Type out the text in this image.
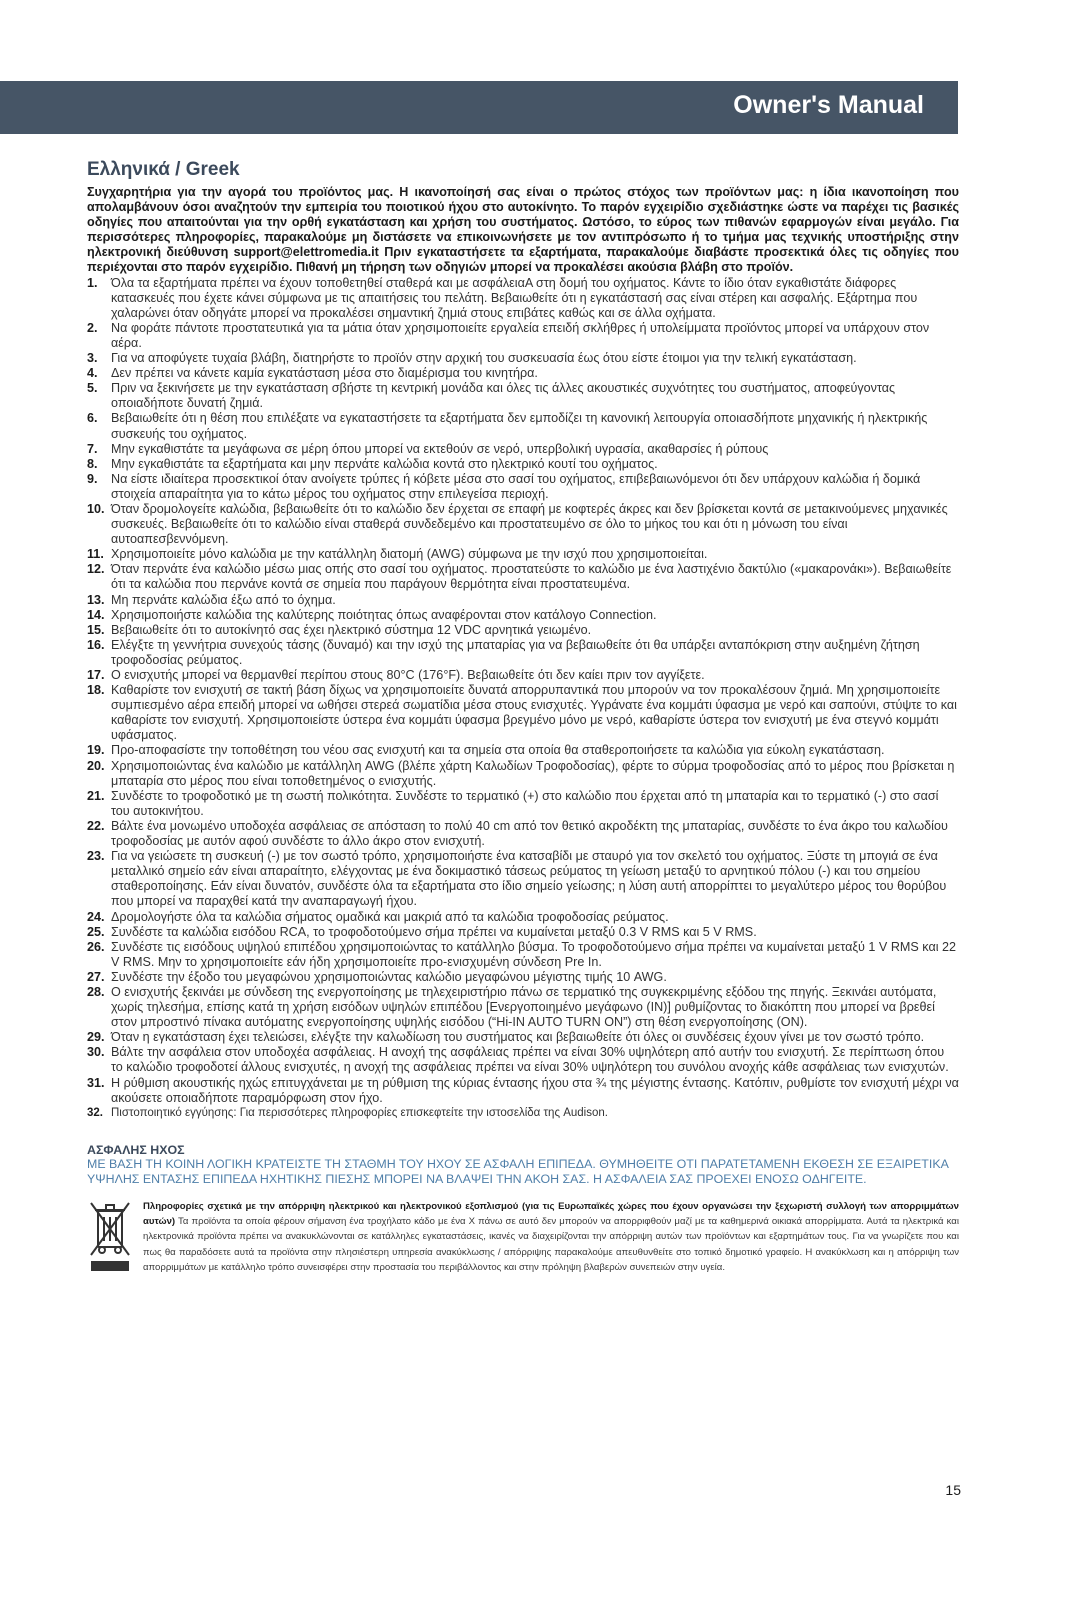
Owner's Manual
Ελληνικά / Greek

Συγχαρητήρια για την αγορά του προϊόντος μας. Η ικανοποίησή σας είναι ο πρώτος στόχος των προϊόντων μας: η ίδια ικανοποίηση που απολαμβάνουν όσοι αναζητούν την εμπειρία του ποιοτικού ήχου στο αυτοκίνητο. Το παρόν εγχειρίδιο σχεδιάστηκε ώστε να παρέχει τις βασικές οδηγίες που απαιτούνται για την ορθή εγκατάσταση και χρήση του συστήματος. Ωστόσο, το εύρος των πιθανών εφαρμογών είναι μεγάλο. Για περισσότερες πληροφορίες, παρακαλούμε μη διστάσετε να επικοινωνήσετε με τον αντιπρόσωπο ή το τμήμα μας τεχνικής υποστήριξης στην ηλεκτρονική διεύθυνση support@elettromedia.it Πριν εγκαταστήσετε τα εξαρτήματα, παρακαλούμε διαβάστε προσεκτικά όλες τις οδηγίες που περιέχονται στο παρόν εγχειρίδιο. Πιθανή μη τήρηση των οδηγιών μπορεί να προκαλέσει ακούσια βλάβη στο προϊόν.

1.	Όλα τα εξαρτήματα πρέπει να έχουν τοποθετηθεί σταθερά και με ασφάλειαΑ στη δομή του οχήματος. Κάντε το ίδιο όταν εγκαθιστάτε διάφορες κατασκευές που έχετε κάνει σύμφωνα με τις απαιτήσεις του πελάτη. Βεβαιωθείτε ότι η εγκατάστασή σας είναι στέρεη και ασφαλής. Εξάρτημα που χαλαρώνει όταν οδηγάτε μπορεί να προκαλέσει σημαντική ζημιά στους επιβάτες καθώς και σε άλλα οχήματα.
2.	Να φοράτε πάντοτε προστατευτικά για τα μάτια όταν χρησιμοποιείτε εργαλεία επειδή σκλήθρες ή υπολείμματα προϊόντος μπορεί να υπάρχουν στον αέρα.
3.	Για να αποφύγετε τυχαία βλάβη, διατηρήστε το προϊόν στην αρχική του συσκευασία έως ότου είστε έτοιμοι για την τελική εγκατάσταση.
4.	Δεν πρέπει να κάνετε καμία εγκατάσταση μέσα στο διαμέρισμα του κινητήρα.
5.	Πριν να ξεκινήσετε με την εγκατάσταση σβήστε τη κεντρική μονάδα και όλες τις άλλες ακουστικές συχνότητες του συστήματος, αποφεύγοντας οποιαδήποτε δυνατή ζημιά.
6.	Βεβαιωθείτε ότι η θέση που επιλέξατε να εγκαταστήσετε τα εξαρτήματα δεν εμποδίζει τη κανονική λειτουργία οποιασδήποτε μηχανικής ή ηλεκτρικής συσκευής του οχήματος.
7.	Μην εγκαθιστάτε τα μεγάφωνα σε μέρη όπου μπορεί να εκτεθούν σε νερό, υπερβολική υγρασία, ακαθαρσίες ή ρύπους
8.	Μην εγκαθιστάτε τα εξαρτήματα και μην περνάτε καλώδια κοντά στο ηλεκτρικό κουτί του οχήματος.
9.	Να είστε ιδιαίτερα προσεκτικοί όταν ανοίγετε τρύπες ή κόβετε μέσα στο σασί του οχήματος, επιβεβαιωνόμενοι ότι δεν υπάρχουν καλώδια ή δομικά στοιχεία απαραίτητα για το κάτω μέρος του οχήματος στην επιλεγείσα περιοχή.
10. Όταν δρομολογείτε καλώδια, βεβαιωθείτε ότι το καλώδιο δεν έρχεται σε επαφή με κοφτερές άκρες και δεν βρίσκεται κοντά σε μετακινούμενες μηχανικές συσκευές. Βεβαιωθείτε ότι το καλώδιο είναι σταθερά συνδεδεμένο και προστατευμένο σε όλο το μήκος του και ότι η μόνωση του είναι αυτοαπεσβεννόμενη.
11. Χρησιμοποιείτε μόνο καλώδια με την κατάλληλη διατομή (AWG) σύμφωνα με την ισχύ που χρησιμοποιείται.
12. Όταν περνάτε ένα καλώδιο μέσω μιας οπής στο σασί του οχήματος. προστατεύστε το καλώδιο με ένα λαστιχένιο δακτύλιο («μακαρονάκι»). Βεβαιωθείτε ότι τα καλώδια που περνάνε κοντά σε σημεία που παράγουν θερμότητα είναι προστατευμένα.
13. Μη περνάτε καλώδια έξω από το όχημα.
14. Χρησιμοποιήστε καλώδια της καλύτερης ποιότητας όπως αναφέρονται στον κατάλογο Connection.
15. Βεβαιωθείτε ότι το αυτοκίνητό σας έχει ηλεκτρικό σύστημα 12 VDC αρνητικά γειωμένο.
16. Ελέγξτε τη γεννήτρια συνεχούς τάσης (δυναμό) και την ισχύ της μπαταρίας για να βεβαιωθείτε ότι θα υπάρξει ανταπόκριση στην αυξημένη ζήτηση τροφοδοσίας ρεύματος.
17. Ο ενισχυτής μπορεί να θερμανθεί περίπου στους 80°C (176°F). Βεβαιωθείτε ότι δεν καίει πριν τον αγγίξετε.
18. Καθαρίστε τον ενισχυτή σε τακτή βάση δίχως να χρησιμοποιείτε δυνατά απορρυπαντικά που μπορούν να τον προκαλέσουν ζημιά. Μη χρησιμοποιείτε συμπιεσμένο αέρα επειδή μπορεί να ωθήσει στερεά σωματίδια μέσα στους ενισχυτές. Υγράνατε ένα κομμάτι ύφασμα με νερό και σαπούνι, στύψτε το και καθαρίστε τον ενισχυτή. Χρησιμοποιείστε ύστερα ένα κομμάτι ύφασμα βρεγμένο μόνο με νερό, καθαρίστε ύστερα τον ενισχυτή με ένα στεγνό κομμάτι υφάσματος.
19. Προ-αποφασίστε την τοποθέτηση του νέου σας ενισχυτή και τα σημεία στα οποία θα σταθεροποιήσετε τα καλώδια για εύκολη εγκατάσταση.
20. Χρησιμοποιώντας ένα καλώδιο με κατάλληλη AWG (βλέπε χάρτη Καλωδίων Τροφοδοσίας), φέρτε το σύρμα τροφοδοσίας από το μέρος που βρίσκεται η μπαταρία στο μέρος που είναι τοποθετημένος ο ενισχυτής.
21. Συνδέστε το τροφοδοτικό με τη σωστή πολικότητα. Συνδέστε το τερματικό (+) στο καλώδιο που έρχεται από τη μπαταρία και το τερματικό (-) στο σασί του αυτοκινήτου.
22. Βάλτε ένα μονωμένο υποδοχέα ασφάλειας σε απόσταση το πολύ 40 cm από τον θετικό ακροδέκτη της μπαταρίας, συνδέστε το ένα άκρο του καλωδίου τροφοδοσίας με αυτόν αφού συνδέστε το άλλο άκρο στον ενισχυτή.
23. Για να γειώσετε τη συσκευή (-) με τον σωστό τρόπο, χρησιμοποιήστε ένα κατσαβίδι με σταυρό για τον σκελετό του οχήματος. Ξύστε τη μπογιά σε ένα μεταλλικό σημείο εάν είναι απαραίτητο, ελέγχοντας με ένα δοκιμαστικό τάσεως ρεύματος τη γείωση μεταξύ το αρνητικού πόλου (-) και του σημείου σταθεροποίησης. Εάν είναι δυνατόν, συνδέστε όλα τα εξαρτήματα στο ίδιο σημείο γείωσης; η λύση αυτή απορρίπτει το μεγαλύτερο μέρος του θορύβου που μπορεί να παραχθεί κατά την αναπαραγωγή ήχου.
24. Δρομολογήστε όλα τα καλώδια σήματος ομαδικά και μακριά από τα καλώδια τροφοδοσίας ρεύματος.
25. Συνδέστε τα καλώδια εισόδου RCA, το τροφοδοτούμενο σήμα πρέπει να κυμαίνεται μεταξύ 0.3 V RMS και 5 V RMS.
26. Συνδέστε τις εισόδους υψηλού επιπέδου χρησιμοποιώντας το κατάλληλο βύσμα. Το τροφοδοτούμενο σήμα πρέπει να κυμαίνεται μεταξύ 1 V RMS και 22 V RMS. Μην το χρησιμοποιείτε εάν ήδη χρησιμοποιείτε προ-ενισχυμένη σύνδεση Pre In.
27. Συνδέστε την έξοδο του μεγαφώνου χρησιμοποιώντας καλώδιο μεγαφώνου μέγιστης τιμής 10 AWG.
28. Ο ενισχυτής ξεκινάει με σύνδεση της ενεργοποίησης με τηλεχειριστήριο πάνω σε τερματικό της συγκεκριμένης εξόδου της πηγής. Ξεκινάει αυτόματα, χωρίς τηλεσήμα, επίσης κατά τη χρήση εισόδων υψηλών επιπέδου [Ενεργοποιημένο μεγάφωνο (IN)] ρυθμίζοντας το διακόπτη που μπορεί να βρεθεί στον μπροστινό πίνακα αυτόματης ενεργοποίησης υψηλής εισόδου (“Hi-IN AUTO TURN ON”) στη θέση ενεργοποίησης (ON).
29. Όταν η εγκατάσταση έχει τελειώσει, ελέγξτε την καλωδίωση του συστήματος και βεβαιωθείτε ότι όλες οι συνδέσεις έχουν γίνει με τον σωστό τρόπο.
30. Βάλτε την ασφάλεια στον υποδοχέα ασφάλειας. Η ανοχή της ασφάλειας πρέπει να είναι 30% υψηλότερη από αυτήν του ενισχυτή. Σε περίπτωση όπου το καλώδιο τροφοδοτεί άλλους ενισχυτές, η ανοχή της ασφάλειας πρέπει να είναι 30% υψηλότερη του συνόλου ανοχής κάθε ασφάλειας των ενισχυτών.
31. Η ρύθμιση ακουστικής ηχώς επιτυγχάνεται με τη ρύθμιση της κύριας έντασης ήχου στα ¾ της μέγιστης έντασης. Κατόπιν, ρυθμίστε τον ενισχυτή μέχρι να ακούσετε οποιαδήποτε παραμόρφωση στον ήχο.
32. Πιστοποιητικό εγγύησης: Για περισσότερες πληροφορίες επισκεφτείτε την ιστοσελίδα της Audison.
ΑΣΦΑΛΗΣ ΗΧΟΣ

ΜΕ ΒΑΣΗ ΤΗ ΚΟΙΝΗ ΛΟΓΙΚΗ ΚΡΑΤΕΙΣΤΕ ΤΗ ΣΤΑΘΜΗ ΤΟΥ ΗΧΟΥ ΣΕ ΑΣΦΑΛΗ ΕΠΙΠΕΔΑ. ΘΥΜΗΘΕΙΤΕ ΟΤΙ ΠΑΡΑΤΕΤΑΜΕΝΗ ΕΚΘΕΣΗ ΣΕ ΕΞΑΙΡΕΤΙΚΑ ΥΨΗΛΗΣ ΕΝΤΑΣΗΣ ΕΠΙΠΕΔΑ ΗΧΗΤΙΚΗΣ ΠΙΕΣΗΣ ΜΠΟΡΕΙ ΝΑ ΒΛΑΨΕΙ ΤΗΝ ΑΚΟΗ ΣΑΣ. Η ΑΣΦΑΛΕΙΑ ΣΑΣ ΠΡΟΕΧΕΙ ΕΝΟΣΩ ΟΔΗΓΕΙΤΕ.

Πληροφορίες σχετικά με την απόρριψη ηλεκτρικού και ηλεκτρονικού εξοπλισμού (για τις Ευρωπαϊκές χώρες που έχουν οργανώσει την ξεχωριστή συλλογή των απορριμμάτων αυτών) Τα προϊόντα τα οποία φέρουν σήμανση ένα τροχήλατο κάδο με ένα Χ πάνω σε αυτό δεν μπορούν να απορριφθούν μαζί με τα καθημερινά οικιακά απορρίμματα. Αυτά τα ηλεκτρικά και ηλεκτρονικά προϊόντα πρέπει να ανακυκλώνονται σε κατάλληλες εγκαταστάσεις, ικανές να διαχειρίζονται την απόρριψη αυτών των προϊόντων και εξαρτημάτων τους. Για να γνωρίζετε που και πως θα παραδόσετε αυτά τα προϊόντα στην πλησιέστερη υπηρεσία ανακύκλωσης / απόρριψης παρακαλούμε απευθυνθείτε στο τοπικό δημοτικό γραφείο. Η ανακύκλωση και η απόρριψη των απορριμμάτων με κατάλληλο τρόπο συνεισφέρει στην προστασία του περιβάλλοντος και στην πρόληψη βλαβερών συνεπειών στην υγεία.
15
